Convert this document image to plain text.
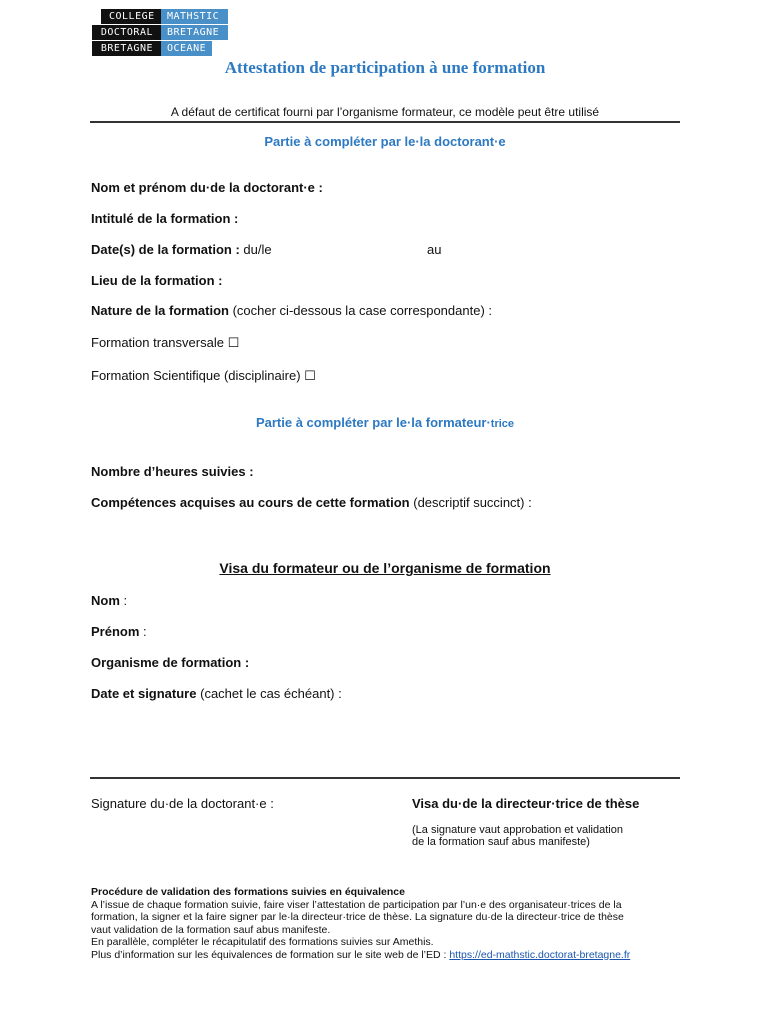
COLLEGE	MATHSTIC
DOCTORAL	BRETAGNE
BRETAGNE	OCEANE
Attestation de participation à une formation
A défaut de certificat fourni par l’organisme formateur, ce modèle peut être utilisé
Partie à compléter par le·la doctorant·e
Nom et prénom du·de la doctorant·e :
Intitulé de la formation :
Date(s) de la formation : du/le	au
Lieu de la formation :
Nature de la formation (cocher ci-dessous la case correspondante) :
Formation transversale ☐
Formation Scientifique (disciplinaire) ☐
Partie à compléter par le·la formateur·trice
Nombre d’heures suivies :
Compétences acquises au cours de cette formation (descriptif succinct) :
Visa du formateur ou de l’organisme de formation
Nom :
Prénom :
Organisme de formation :
Date et signature (cachet le cas échéant) :
Signature du·de la doctorant·e :	Visa du·de la directeur·trice de thèse
(La signature vaut approbation et validation
de la formation sauf abus manifeste)
Procédure de validation des formations suivies en équivalence
A l’issue de chaque formation suivie, faire viser l’attestation de participation par l’un·e des organisateur·trices de la
formation, la signer et la faire signer par le·la directeur·trice de thèse. La signature du·de la directeur·trice de thèse
vaut validation de la formation sauf abus manifeste.
En parallèle, compléter le récapitulatif des formations suivies sur Amethis.
Plus d’information sur les équivalences de formation sur le site web de l’ED : https://ed-mathstic.doctorat-bretagne.fr
